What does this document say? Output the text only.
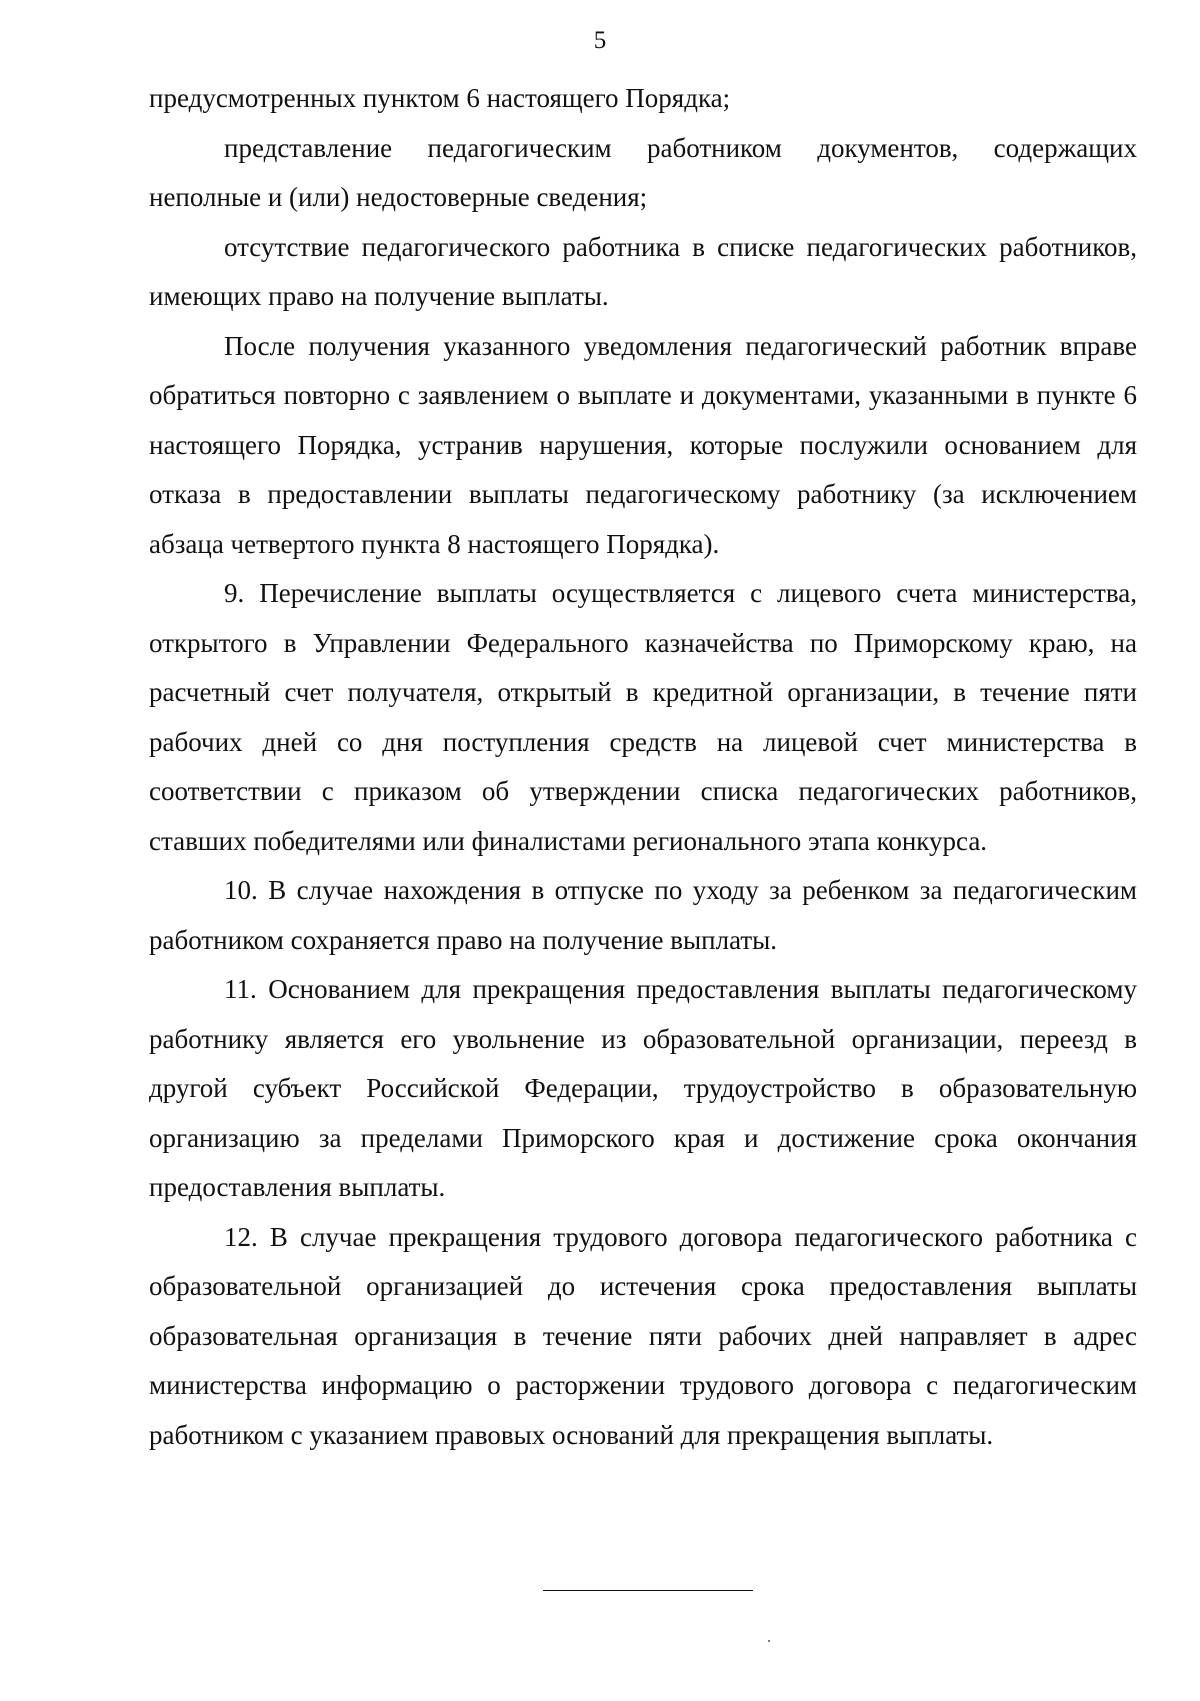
5

предусмотренных пунктом 6 настоящего Порядка;

представление педагогическим работником документов, содержащих неполные и (или) недостоверные сведения;

отсутствие педагогического работника в списке педагогических работников, имеющих право на получение выплаты.

После получения указанного уведомления педагогический работник вправе обратиться повторно с заявлением о выплате и документами, указанными в пункте 6 настоящего Порядка, устранив нарушения, которые послужили основанием для отказа в предоставлении выплаты педагогическому работнику (за исключением абзаца четвертого пункта 8 настоящего Порядка).

9. Перечисление выплаты осуществляется с лицевого счета министерства, открытого в Управлении Федерального казначейства по Приморскому краю, на расчетный счет получателя, открытый в кредитной организации, в течение пяти рабочих дней со дня поступления средств на лицевой счет министерства в соответствии с приказом об утверждении списка педагогических работников, ставших победителями или финалистами регионального этапа конкурса.

10. В случае нахождения в отпуске по уходу за ребенком за педагогическим работником сохраняется право на получение выплаты.

11. Основанием для прекращения предоставления выплаты педагогическому работнику является его увольнение из образовательной организации, переезд в другой субъект Российской Федерации, трудоустройство в образовательную организацию за пределами Приморского края и достижение срока окончания предоставления выплаты.

12. В случае прекращения трудового договора педагогического работника с образовательной организацией до истечения срока предоставления выплаты образовательная организация в течение пяти рабочих дней направляет в адрес министерства информацию о расторжении трудового договора с педагогическим работником с указанием правовых оснований для прекращения выплаты.
